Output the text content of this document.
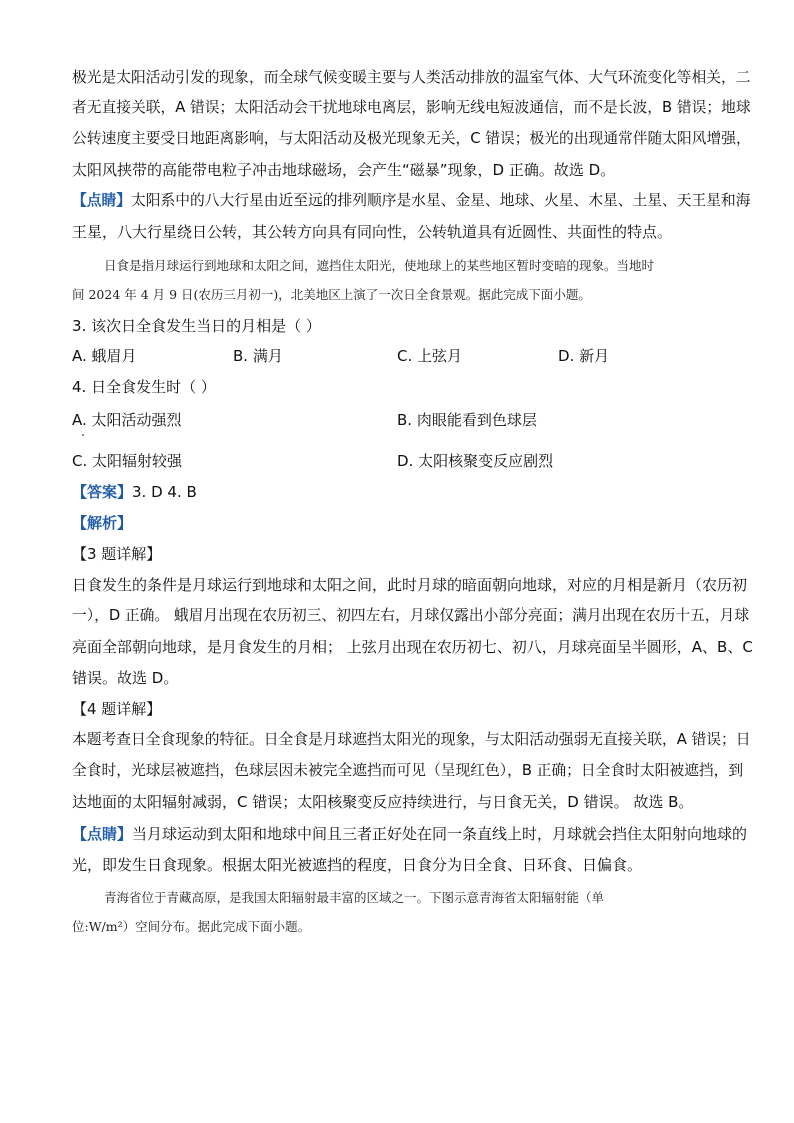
极光是太阳活动引发的现象，而全球气候变暖主要与人类活动排放的温室气体、大气环流变化等相关，二
者无直接关联，A 错误；太阳活动会干扰地球电离层，影响无线电短波通信，而不是长波，B 错误；地球
公转速度主要受日地距离影响，与太阳活动及极光现象无关，C 错误；极光的出现通常伴随太阳风增强，
太阳风挟带的高能带电粒子冲击地球磁场，会产生“磁暴”现象，D 正确。故选 D。
【点睛】太阳系中的八大行星由近至远的排列顺序是水星、金星、地球、火星、木星、土星、天王星和海
王星，八大行星绕日公转，其公转方向具有同向性，公转轨道具有近圆性、共面性的特点。
日食是指月球运行到地球和太阳之间，遮挡住太阳光，使地球上的某些地区暂时变暗的现象。当地时
间 2024 年 4 月 9 日(农历三月初一)，北美地区上演了一次日全食景观。据此完成下面小题。
3. 该次日全食发生当日的月相是（ ）
A. 蛾眉月	B. 满月	C. 上弦月	D. 新月
4. 日全食发生时（ ）
A. 太阳活动强烈	B. 肉眼能看到色球层
C. 太阳辐射较强	D. 太阳核聚变反应剧烈
【答案】3. D 4. B
【解析】
【3 题详解】
日食发生的条件是月球运行到地球和太阳之间，此时月球的暗面朝向地球，对应的月相是新月（农历初
一），D 正确。 蛾眉月出现在农历初三、初四左右，月球仅露出小部分亮面；满月出现在农历十五，月球
亮面全部朝向地球，是月食发生的月相； 上弦月出现在农历初七、初八，月球亮面呈半圆形，A、B、C
错误。故选 D。
【4 题详解】
本题考查日全食现象的特征。日全食是月球遮挡太阳光的现象，与太阳活动强弱无直接关联，A 错误；日
全食时，光球层被遮挡，色球层因未被完全遮挡而可见（呈现红色），B 正确；日全食时太阳被遮挡，到
达地面的太阳辐射减弱，C 错误；太阳核聚变反应持续进行，与日食无关，D 错误。 故选 B。
【点睛】当月球运动到太阳和地球中间且三者正好处在同一条直线上时，月球就会挡住太阳射向地球的
光，即发生日食现象。根据太阳光被遮挡的程度，日食分为日全食、日环食、日偏食。
青海省位于青藏高原，是我国太阳辐射最丰富的区域之一。下图示意青海省太阳辐射能（单
位:W/m²）空间分布。据此完成下面小题。
